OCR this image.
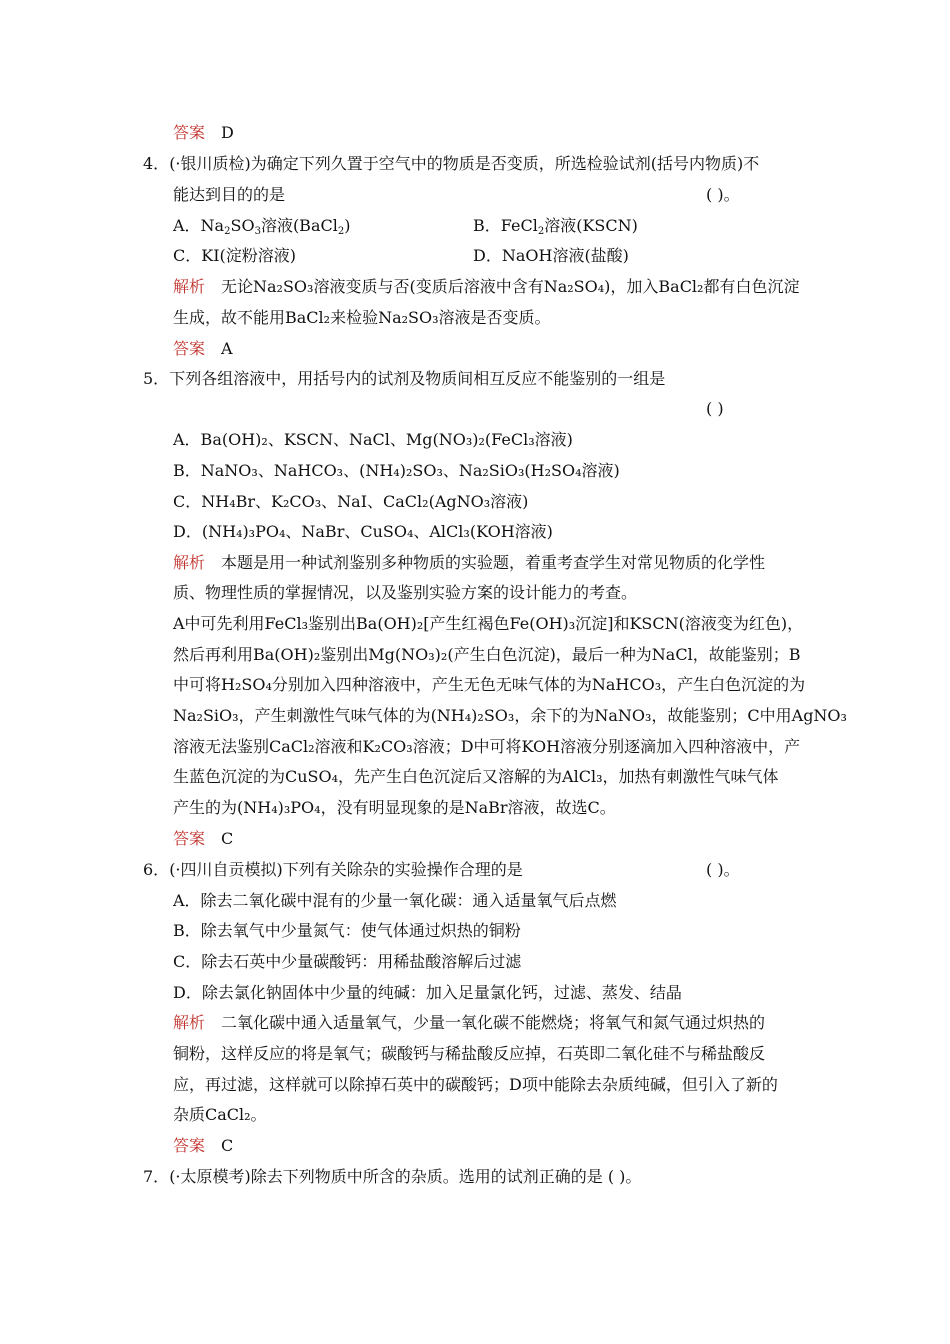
答案 D
4．(·银川质检)为确定下列久置于空气中的物质是否变质，所选检验试剂(括号内物质)不
能达到目的的是	( )。
A．$Na_2SO_3$溶液(BaCl$_2$)	B．FeCl$_2$溶液(KSCN)
C．KI(淀粉溶液)	D．NaOH溶液(盐酸)
解析 无论Na₂SO₃溶液变质与否(变质后溶液中含有Na₂SO₄)，加入BaCl₂都有白色沉淀
生成，故不能用BaCl₂来检验Na₂SO₃溶液是否变质。
答案 A
5．下列各组溶液中，用括号内的试剂及物质间相互反应不能鉴别的一组是
( )
A．Ba(OH)₂、KSCN、NaCl、Mg(NO₃)₂(FeCl₃溶液)
B．NaNO₃、NaHCO₃、(NH₄)₂SO₃、Na₂SiO₃(H₂SO₄溶液)
C．NH₄Br、K₂CO₃、NaI、CaCl₂(AgNO₃溶液)
D．(NH₄)₃PO₄、NaBr、CuSO₄、AlCl₃(KOH溶液)
解析 本题是用一种试剂鉴别多种物质的实验题，着重考查学生对常见物质的化学性
质、物理性质的掌握情况，以及鉴别实验方案的设计能力的考查。
A中可先利用FeCl₃鉴别出Ba(OH)₂[产生红褐色Fe(OH)₃沉淀]和KSCN(溶液变为红色)，
然后再利用Ba(OH)₂鉴别出Mg(NO₃)₂(产生白色沉淀)，最后一种为NaCl，故能鉴别；B
中可将H₂SO₄分别加入四种溶液中，产生无色无味气体的为NaHCO₃，产生白色沉淀的为
Na₂SiO₃，产生刺激性气味气体的为(NH₄)₂SO₃，余下的为NaNO₃，故能鉴别；C中用AgNO₃
溶液无法鉴别CaCl₂溶液和K₂CO₃溶液；D中可将KOH溶液分别逐滴加入四种溶液中，产
生蓝色沉淀的为CuSO₄，先产生白色沉淀后又溶解的为AlCl₃，加热有刺激性气味气体
产生的为(NH₄)₃PO₄，没有明显现象的是NaBr溶液，故选C。
答案 C
6．(·四川自贡模拟)下列有关除杂的实验操作合理的是	( )。
A．除去二氧化碳中混有的少量一氧化碳：通入适量氧气后点燃
B．除去氧气中少量氮气：使气体通过炽热的铜粉
C．除去石英中少量碳酸钙：用稀盐酸溶解后过滤
D．除去氯化钠固体中少量的纯碱：加入足量氯化钙，过滤、蒸发、结晶
解析 二氧化碳中通入适量氧气，少量一氧化碳不能燃烧；将氧气和氮气通过炽热的
铜粉，这样反应的将是氧气；碳酸钙与稀盐酸反应掉，石英即二氧化硅不与稀盐酸反
应，再过滤，这样就可以除掉石英中的碳酸钙；D项中能除去杂质纯碱，但引入了新的
杂质CaCl₂。
答案 C
7．(·太原模考)除去下列物质中所含的杂质。选用的试剂正确的是 ( )。
